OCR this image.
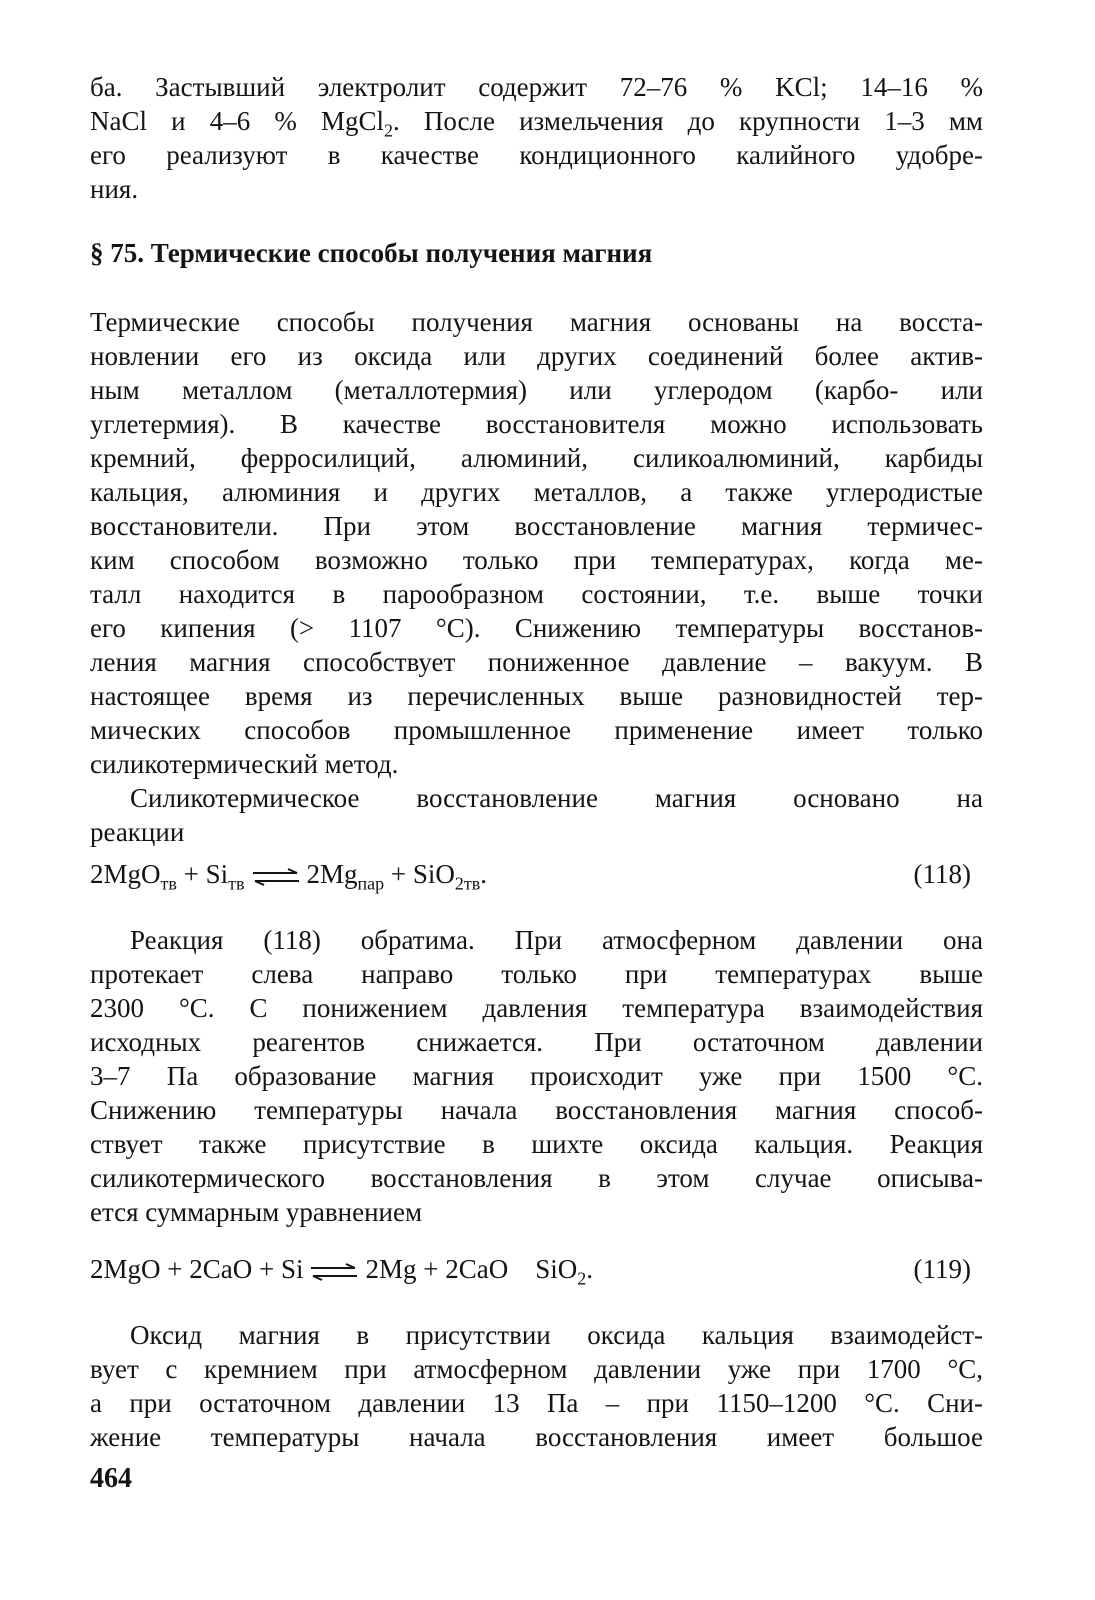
ба. Застывший электролит содержит 72–76 % KCl; 14–16 %
NaCl и 4–6 % MgCl$_2$. После измельчения до крупности 1–3 мм
его реализуют в качестве кондиционного калийного удобре-
ния.
§ 75. Термические способы получения магния
Термические способы получения магния основаны на восста-
новлении его из оксида или других соединений более актив-
ным металлом (металлотермия) или углеродом (карбо- или
углетермия). В качестве восстановителя можно использовать
кремний, ферросилиций, алюминий, силикоалюминий, карбиды
кальция, алюминия и других металлов, а также углеродистые
восстановители. При этом восстановление магния термичес-
ким способом возможно только при температурах, когда ме-
талл находится в парообразном состоянии, т.е. выше точки
его кипения (> 1107 °С). Снижению температуры восстанов-
ления магния способствует пониженное давление – вакуум. В
настоящее время из перечисленных выше разновидностей тер-
мических способов промышленное применение имеет только
силикотермический метод.
Силикотермическое восстановление магния основано на
реакции
$2MgO_{тв} + Si_{тв}$ ⇌ $2Mg_{пар} + SiO_{2тв}$.	(118)
Реакция (118) обратима. При атмосферном давлении она
протекает слева направо только при температурах выше
2300 °С. С понижением давления температура взаимодействия
исходных реагентов снижается. При остаточном давлении
3–7 Па образование магния происходит уже при 1500 °С.
Снижению температуры начала восстановления магния способ-
ствует также присутствие в шихте оксида кальция. Реакция
силикотермического восстановления в этом случае описыва-
ется суммарным уравнением
2MgO + 2CaO + Si ⇌ 2Mg + 2CaO    SiO$_2$.	(119)
Оксид магния в присутствии оксида кальция взаимодейст-
вует с кремнием при атмосферном давлении уже при 1700 °С,
а при остаточном давлении 13 Па – при 1150–1200 °С. Сни-
жение температуры начала восстановления имеет большое
464
